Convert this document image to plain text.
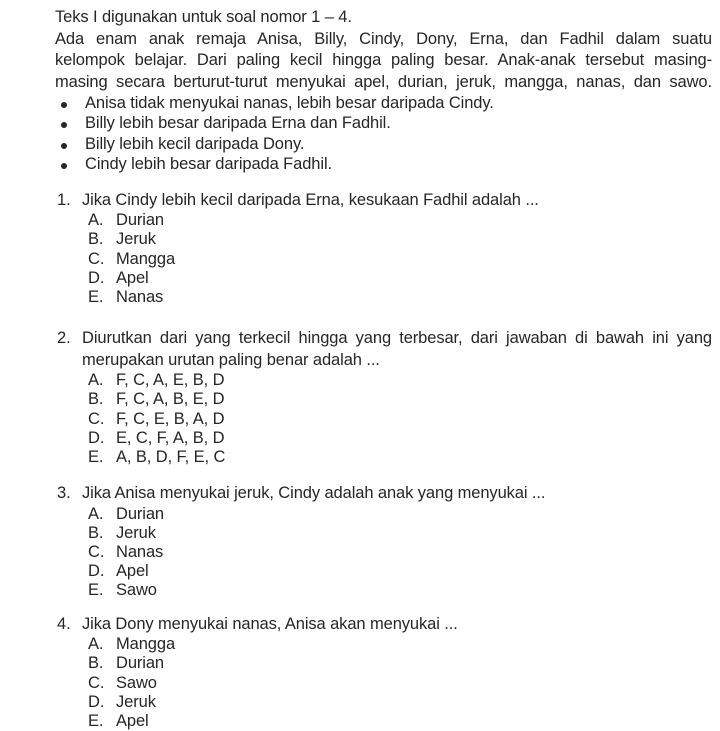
Teks I digunakan untuk soal nomor 1 – 4.
Ada enam anak remaja Anisa, Billy, Cindy, Dony, Erna, dan Fadhil dalam suatu
kelompok belajar. Dari paling kecil hingga paling besar. Anak-anak tersebut masing-
masing secara berturut-turut menyukai apel, durian, jeruk, mangga, nanas, dan sawo.
Anisa tidak menyukai nanas, lebih besar daripada Cindy.
Billy lebih besar daripada Erna dan Fadhil.
Billy lebih kecil daripada Dony.
Cindy lebih besar daripada Fadhil.
1. Jika Cindy lebih kecil daripada Erna, kesukaan Fadhil adalah ...
A. Durian
B. Jeruk
C. Mangga
D. Apel
E. Nanas
2. Diurutkan dari yang terkecil hingga yang terbesar, dari jawaban di bawah ini yang
merupakan urutan paling benar adalah ...
A. F, C, A, E, B, D
B. F, C, A, B, E, D
C. F, C, E, B, A, D
D. E, C, F, A, B, D
E. A, B, D, F, E, C
3. Jika Anisa menyukai jeruk, Cindy adalah anak yang menyukai ...
A. Durian
B. Jeruk
C. Nanas
D. Apel
E. Sawo
4. Jika Dony menyukai nanas, Anisa akan menyukai ...
A. Mangga
B. Durian
C. Sawo
D. Jeruk
E. Apel
